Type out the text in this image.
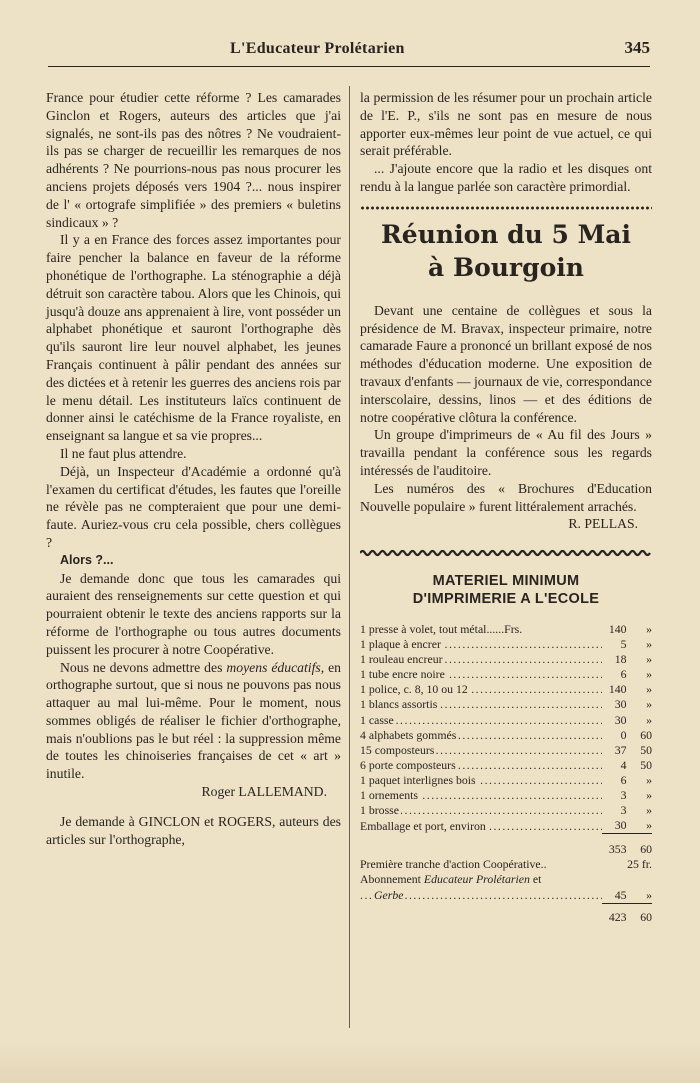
L'Educateur Prolétarien	345

France pour étudier cette réforme ? Les camarades Ginclon et Rogers, auteurs des articles que j'ai signalés, ne sont-ils pas des nôtres ? Ne voudraient-ils pas se charger de recueillir les remarques de nos adhérents ? Ne pourrions-nous pas nous procurer les anciens projets déposés vers 1904 ?... nous inspirer de l' « ortografe simplifiée » des premiers « buletins sindicaux » ?

Il y a en France des forces assez importantes pour faire pencher la balance en faveur de la réforme phonétique de l'orthographe. La sténographie a déjà détruit son caractère tabou. Alors que les Chinois, qui jusqu'à douze ans apprenaient à lire, vont posséder un alphabet phonétique et sauront l'orthographe dès qu'ils sauront lire leur nouvel alphabet, les jeunes Français continuent à pâlir pendant des années sur des dictées et à retenir les guerres des anciens rois par le menu détail. Les instituteurs laïcs continuent de donner ainsi le catéchisme de la France royaliste, en enseignant sa langue et sa vie propres...

Il ne faut plus attendre.

Déjà, un Inspecteur d'Académie a ordonné qu'à l'examen du certificat d'études, les fautes que l'oreille ne révèle pas ne compteraient que pour une demi-faute. Auriez-vous cru cela possible, chers collègues ?

Alors ?...

Je demande donc que tous les camarades qui auraient des renseignements sur cette question et qui pourraient obtenir le texte des anciens rapports sur la réforme de l'orthographe ou tous autres documents puissent les procurer à notre Coopérative.

Nous ne devons admettre des moyens éducatifs, en orthographe surtout, que si nous ne pouvons pas nous attaquer au mal lui-même. Pour le moment, nous sommes obligés de réaliser le fichier d'orthographe, mais n'oublions pas le but réel : la suppression même de toutes les chinoiseries françaises de cet « art » inutile.

Roger LALLEMAND.

Je demande à GINCLON et ROGERS, auteurs des articles sur l'orthographe,

la permission de les résumer pour un prochain article de l'E. P., s'ils ne sont pas en mesure de nous apporter eux-mêmes leur point de vue actuel, ce qui serait préférable.

... J'ajoute encore que la radio et les disques ont rendu à la langue parlée son caractère primordial.

Réunion du 5 Mai
à Bourgoin

Devant une centaine de collègues et sous la présidence de M. Bravax, inspecteur primaire, notre camarade Faure a prononcé un brillant exposé de nos méthodes d'éducation moderne. Une exposition de travaux d'enfants — journaux de vie, correspondance interscolaire, dessins, linos — et des éditions de notre coopérative clôtura la conférence.

Un groupe d'imprimeurs de « Au fil des Jours » travailla pendant la conférence sous les regards intéressés de l'auditoire.

Les numéros des « Brochures d'Education Nouvelle populaire » furent littéralement arrachés.

R. PELLAS.

MATERIEL MINIMUM
D'IMPRIMERIE A L'ECOLE
1 presse à volet, tout métal......Frs.	140	»
1 plaque à encrer .....	5	»
1 rouleau encreur .....	18	»
1 tube encre noire .....	6	»
1 police, c. 8, 10 ou 12 .....	140	»
1 blancs assortis .....	30	»
1 casse .....	30	»
4 alphabets gommés .....	0	60
15 composteurs .....	37	50
6 porte composteurs .....	4	50
1 paquet interlignes bois .....	6	»
1 ornements .....	3	»
1 brosse .....	3	»
Emballage et port, environ .....	30	»
	353	60
Première tranche d'action Coopérative..	25 fr.	
Abonnement Educateur Prolétarien et		
Gerbe .....	45	»
	423	60
